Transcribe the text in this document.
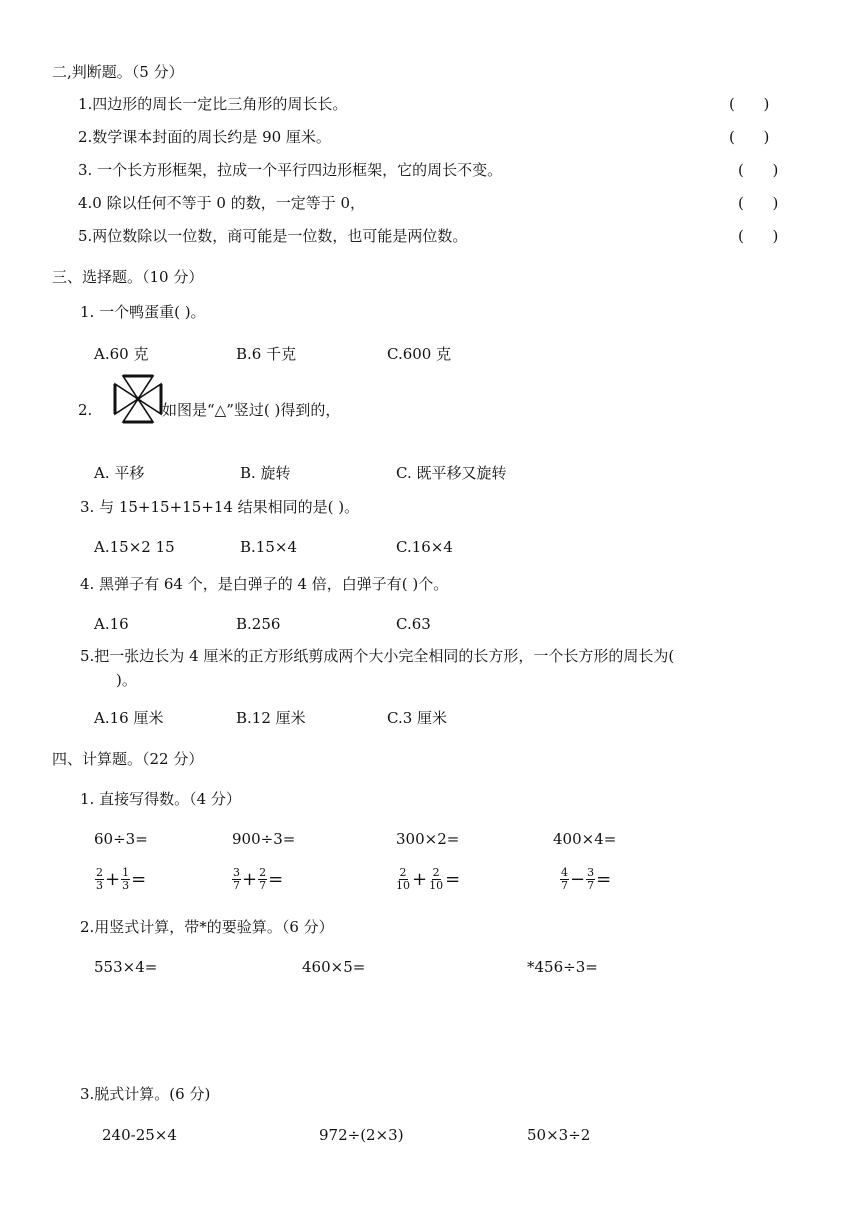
二,判断题。（5 分）
1.四边形的周长一定比三角形的周长长。	(      )
2.数学课本封面的周长约是 90 厘米。	(      )
3. 一个长方形框架，拉成一个平行四边形框架，它的周长不变。	(      )
4.0 除以任何不等于 0 的数，一定等于 0，	(      )
5.两位数除以一位数，商可能是一位数，也可能是两位数。	(      )
三、选择题。（10 分）
1. 一个鸭蛋重( )。
A.60 克	B.6 千克	C.600 克
2.	如图是“△”竖过( )得到的，
A. 平移	B. 旋转	C. 既平移又旋转
3. 与 15+15+15+14 结果相同的是( )。
A.15×2 15	B.15×4	C.16×4
4. 黑弹子有 64 个，是白弹子的 4 倍，白弹子有( )个。
A.16	B.256	C.63
5.把一张边长为 4 厘米的正方形纸剪成两个大小完全相同的长方形，一个长方形的周长为(
)。
A.16 厘米	B.12 厘米	C.3 厘米
四、计算题。（22 分）
1. 直接写得数。（4 分）
60÷3=	900÷3=	300×2=	400×4=
$\frac{2}{3} + \frac{1}{3}$ =	$\frac{3}{7} + \frac{2}{7}$ =	$\frac{2}{10} + \frac{2}{10}$ =	$\frac{4}{7} - \frac{3}{7}$ =
2.用竖式计算，带*的要验算。（6 分）
553×4=	460×5=	*456÷3=
3.脱式计算。(6 分)
240-25×4	972÷(2×3)	50×3÷2
